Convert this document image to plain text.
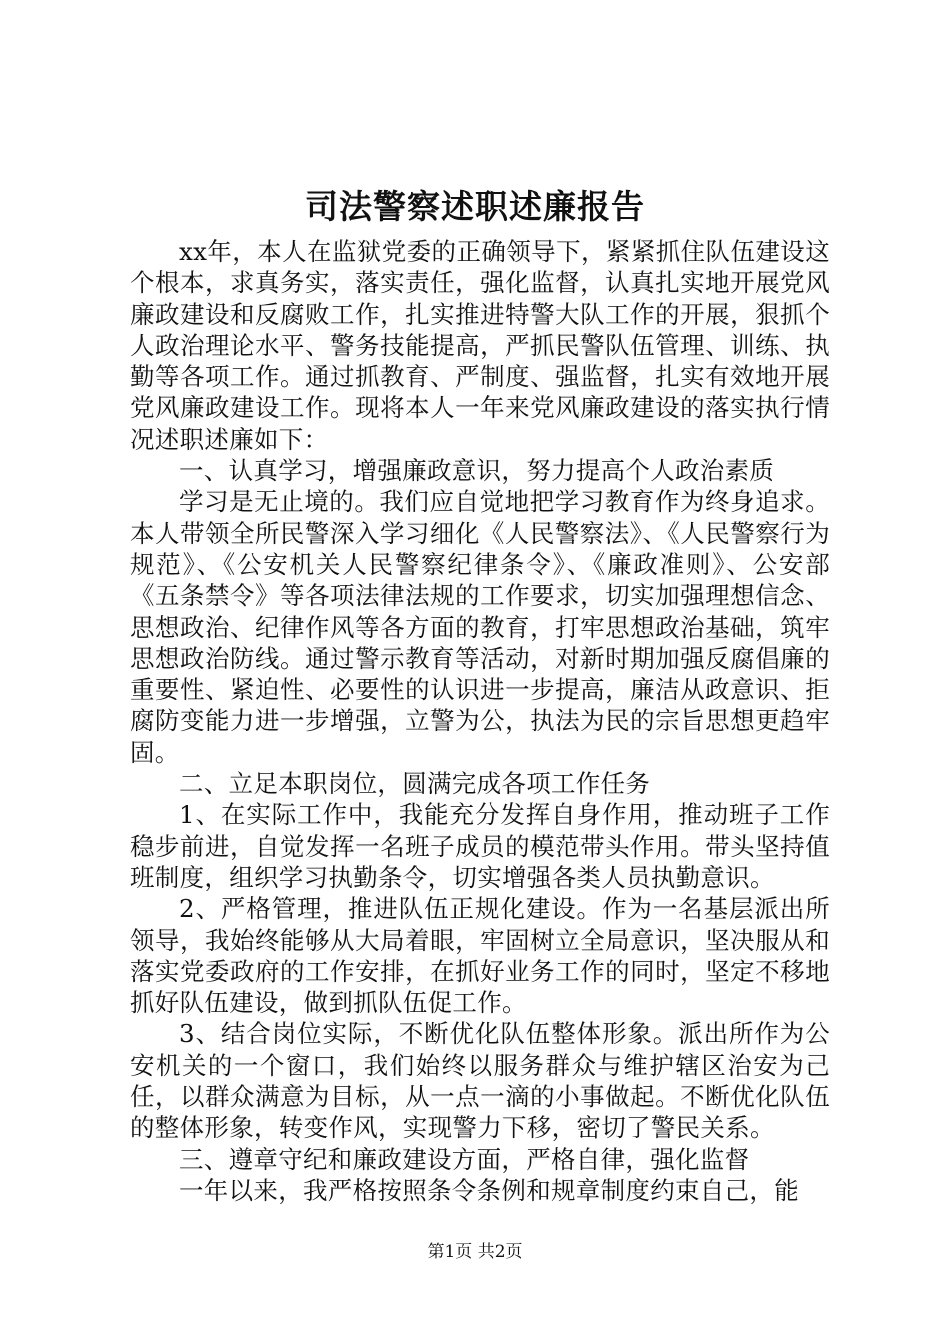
司法警察述职述廉报告

xx年，本人在监狱党委的正确领导下，紧紧抓住队伍建设这个根本，求真务实，落实责任，强化监督，认真扎实地开展党风廉政建设和反腐败工作，扎实推进特警大队工作的开展，狠抓个人政治理论水平、警务技能提高，严抓民警队伍管理、训练、执勤等各项工作。通过抓教育、严制度、强监督，扎实有效地开展党风廉政建设工作。现将本人一年来党风廉政建设的落实执行情况述职述廉如下：

一、认真学习，增强廉政意识，努力提高个人政治素质

学习是无止境的。我们应自觉地把学习教育作为终身追求。本人带领全所民警深入学习细化《人民警察法》、《人民警察行为规范》、《公安机关人民警察纪律条令》、《廉政准则》、公安部《五条禁令》等各项法律法规的工作要求，切实加强理想信念、思想政治、纪律作风等各方面的教育，打牢思想政治基础，筑牢思想政治防线。通过警示教育等活动，对新时期加强反腐倡廉的重要性、紧迫性、必要性的认识进一步提高，廉洁从政意识、拒腐防变能力进一步增强，立警为公，执法为民的宗旨思想更趋牢固。

二、立足本职岗位，圆满完成各项工作任务

1、在实际工作中，我能充分发挥自身作用，推动班子工作稳步前进，自觉发挥一名班子成员的模范带头作用。带头坚持值班制度，组织学习执勤条令，切实增强各类人员执勤意识。

2、严格管理，推进队伍正规化建设。作为一名基层派出所领导，我始终能够从大局着眼，牢固树立全局意识，坚决服从和落实党委政府的工作安排，在抓好业务工作的同时，坚定不移地抓好队伍建设，做到抓队伍促工作。

3、结合岗位实际，不断优化队伍整体形象。派出所作为公安机关的一个窗口，我们始终以服务群众与维护辖区治安为己任，以群众满意为目标，从一点一滴的小事做起。不断优化队伍的整体形象，转变作风，实现警力下移，密切了警民关系。

三、遵章守纪和廉政建设方面，严格自律，强化监督

一年以来，我严格按照条令条例和规章制度约束自己，能

第1页 共2页
